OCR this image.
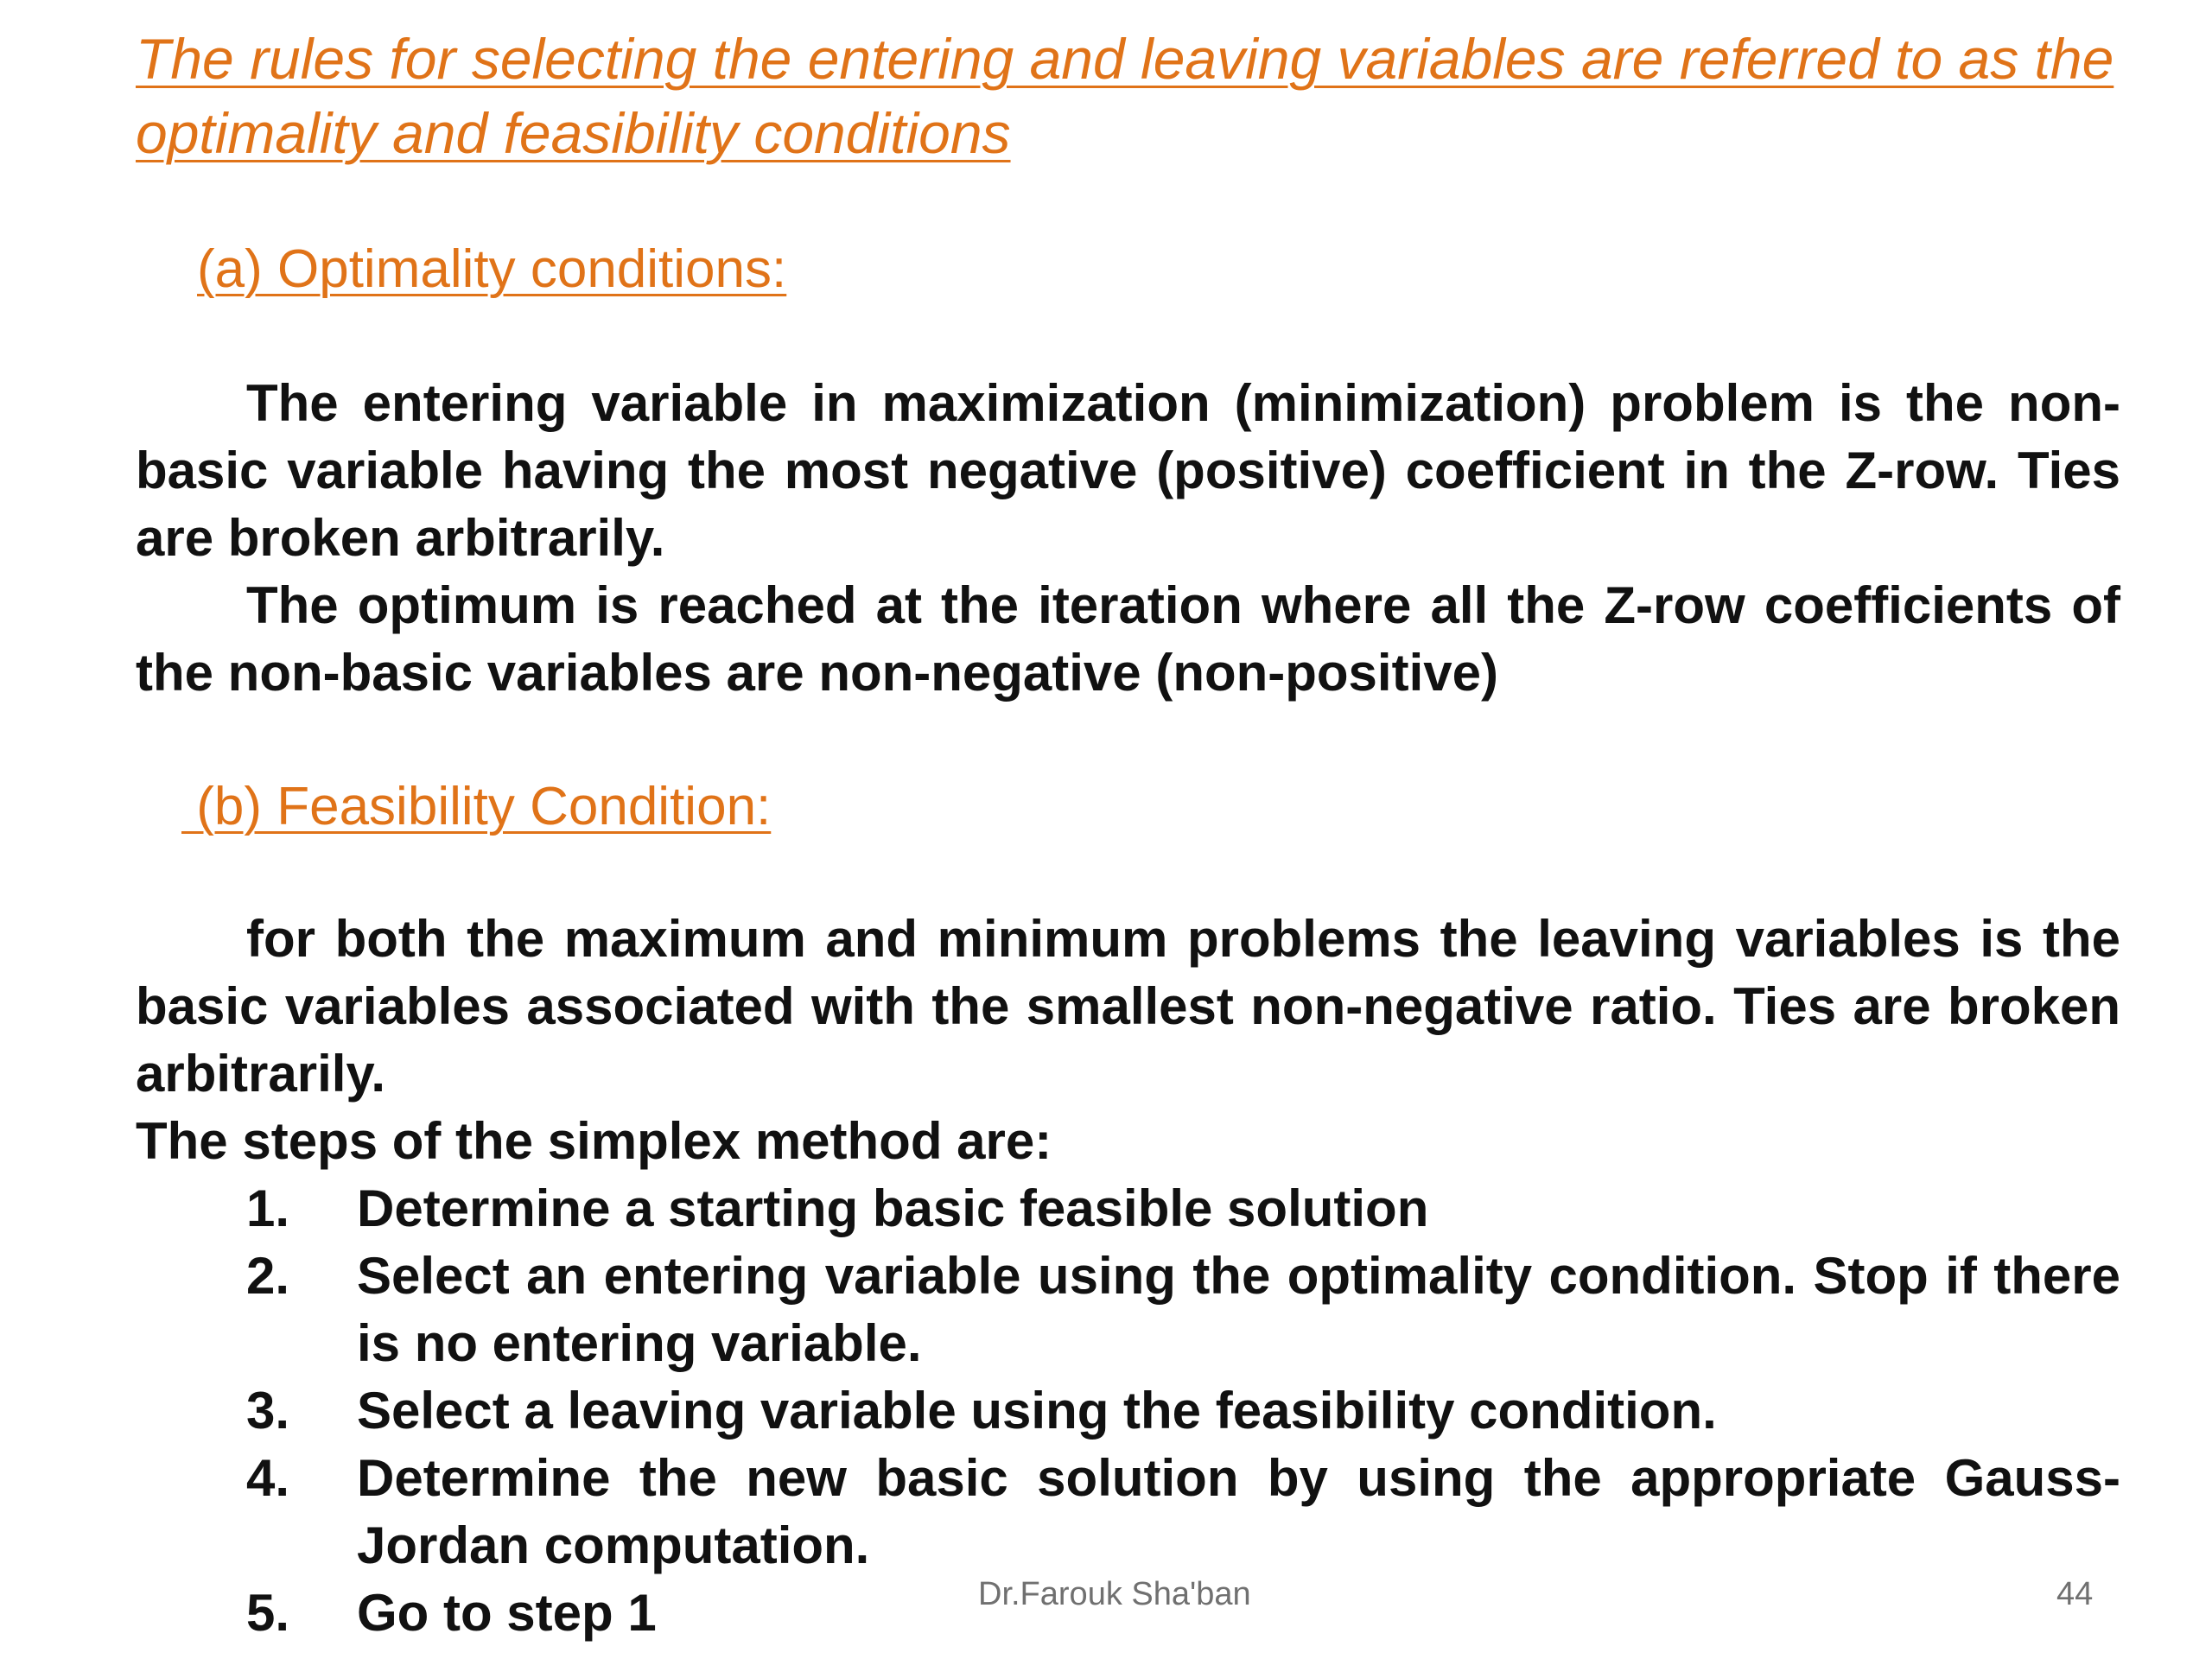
The rules for selecting the entering and leaving variables are referred to as the optimality and feasibility conditions
(a) Optimality conditions:

The entering variable in maximization (minimization) problem is the non-basic variable having the most negative (positive) coefficient in the Z-row. Ties are broken arbitrarily.

The optimum is reached at the iteration where all the Z-row coefficients of the non-basic variables are non-negative (non-positive)

(b) Feasibility Condition:

for both the maximum and minimum problems the leaving variables is the basic variables associated with the smallest non-negative ratio. Ties are broken arbitrarily.

The steps of the simplex method are:

1.	Determine a starting basic feasible solution
2.	Select an entering variable using the optimality condition. Stop if there is no entering variable.
3.	Select a leaving variable using the feasibility condition.
4.	Determine the new basic solution by using the appropriate Gauss-Jordan computation.
5.	Go to step 1	Dr.Farouk Sha'ban	44
